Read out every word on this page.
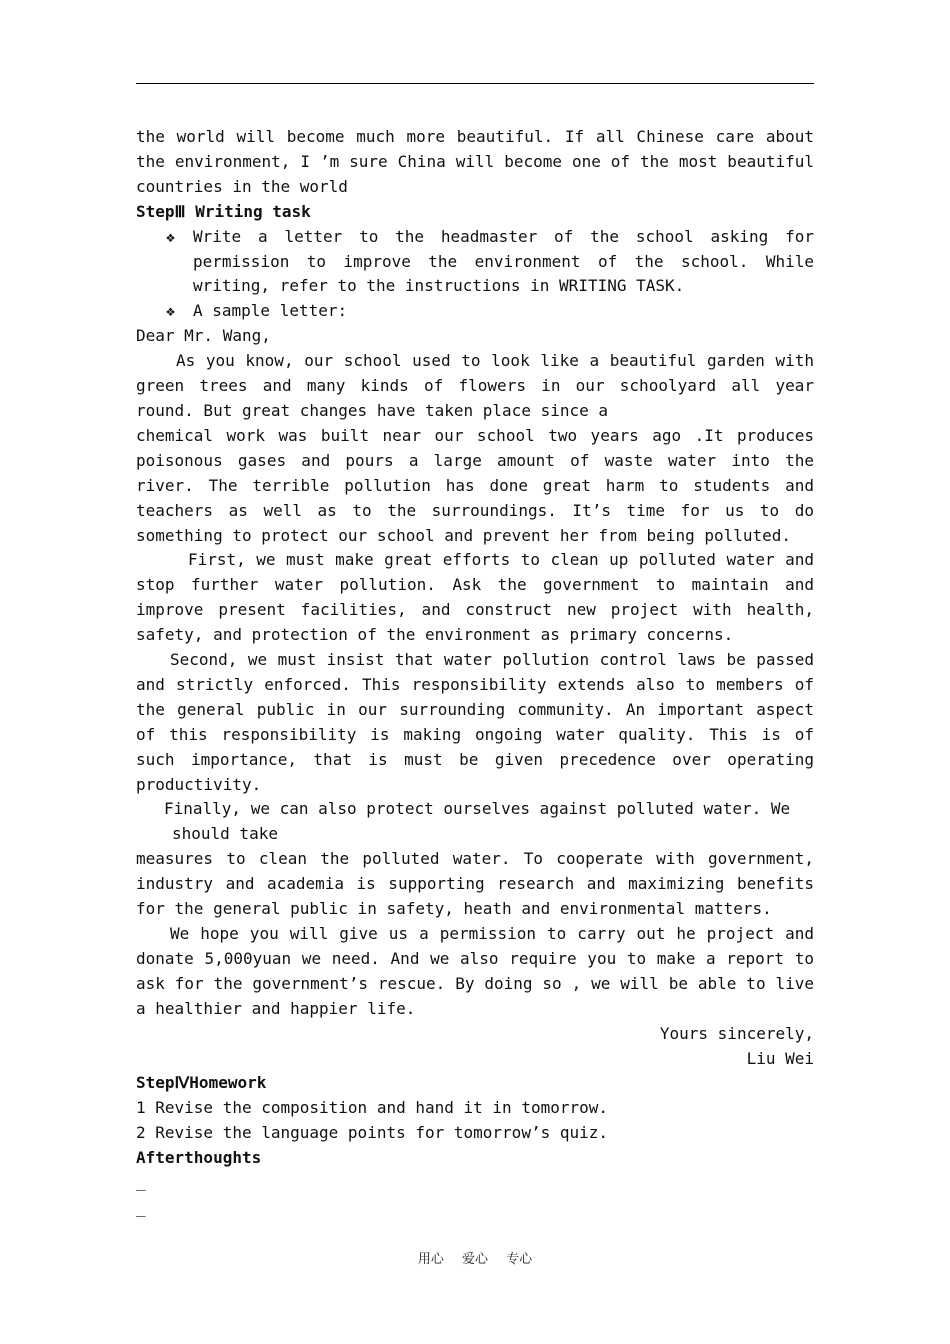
the world will become much more beautiful. If all Chinese care about the environment, I ’m sure China will become one of the most beautiful countries in the world

StepⅢ Writing task

❖	Write a letter to the headmaster of the school asking for permission to improve the environment of the school. While writing, refer to the instructions in WRITING TASK.
❖	A sample letter:

Dear Mr. Wang,

As you know, our school used to look like a beautiful garden with green trees and many kinds of flowers in our schoolyard all year round. But great changes have taken place since a

chemical work was built near our school two years ago .It produces poisonous gases and pours a large amount of waste water into the river. The terrible pollution has done great harm to students and teachers as well as to the surroundings. It’s time for us to do something to protect our school and prevent her from being polluted.

First, we must make great efforts to clean up polluted water and stop further water pollution. Ask the government to maintain and improve present facilities, and construct new project with health, safety, and protection of the environment as primary concerns.

Second, we must insist that water pollution control laws be passed and strictly enforced. This responsibility extends also to members of the general public in our surrounding community. An important aspect of this responsibility is making ongoing water quality. This is of such importance, that is must be given precedence over operating productivity.

Finally, we can also protect ourselves against polluted water. We

should take

measures to clean the polluted water. To cooperate with government, industry and academia is supporting research and maximizing benefits for the general public in safety, heath and environmental matters.

We hope you will give us a permission to carry out he project and donate 5,000yuan we need. And we also require you to make a report to ask for the government’s rescue. By doing so , we will be able to live a healthier and happier life.

Yours sincerely,

Liu Wei

StepⅣHomework

1 Revise the composition and hand it in tomorrow.

2 Revise the language points for tomorrow’s quiz.

Afterthoughts

_

_

用心 爱心 专心
